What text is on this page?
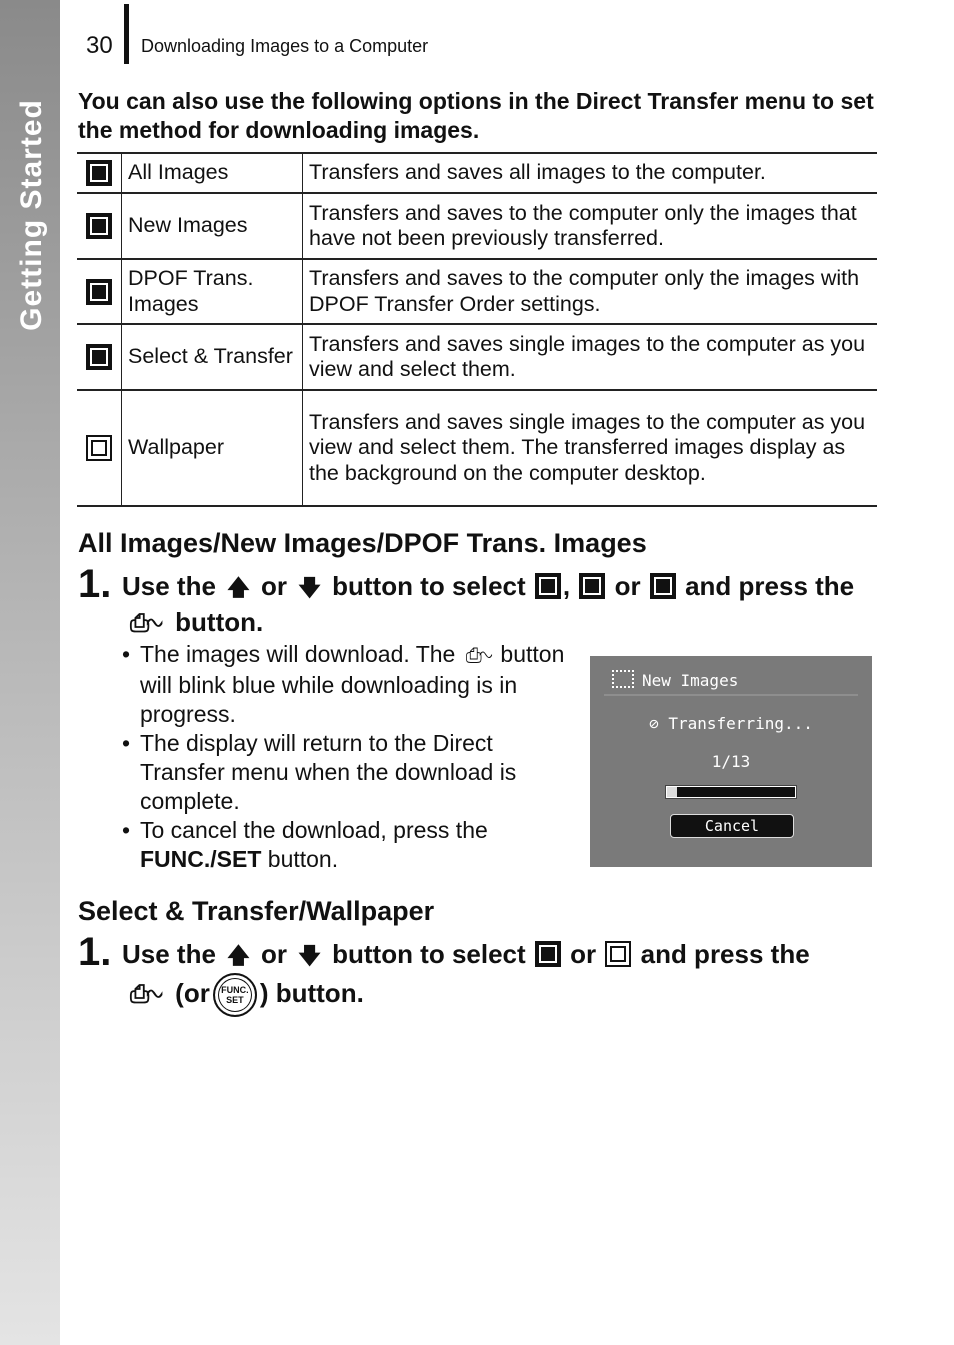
Getting Started
30 Downloading Images to a Computer
You can also use the following options in the Direct Transfer menu to set the method for downloading images.
	All Images	Transfers and saves all images to the computer.
	New Images	Transfers and saves to the computer only the images that have not been previously transferred.
	DPOF Trans. Images	Transfers and saves to the computer only the images with DPOF Transfer Order settings.
	Select & Transfer	Transfers and saves single images to the computer as you view and select them.
	Wallpaper	Transfers and saves single images to the computer as you view and select them. The transferred images display as the background on the computer desktop.
All Images/New Images/DPOF Trans. Images
1. Use the 🡅 or 🡇 button to select , or and press the ⎙∿ button.
• The images will download. The ⎙∿ button will blink blue while downloading is in progress.
• The display will return to the Direct Transfer menu when the download is complete.
• To cancel the download, press the FUNC./SET button.
New Images
⊘ Transferring...
1/13
Cancel
Select & Transfer/Wallpaper
1. Use the 🡅 or 🡇 button to select or and press the
⎙∿ (or FUNC. SET ) button.
